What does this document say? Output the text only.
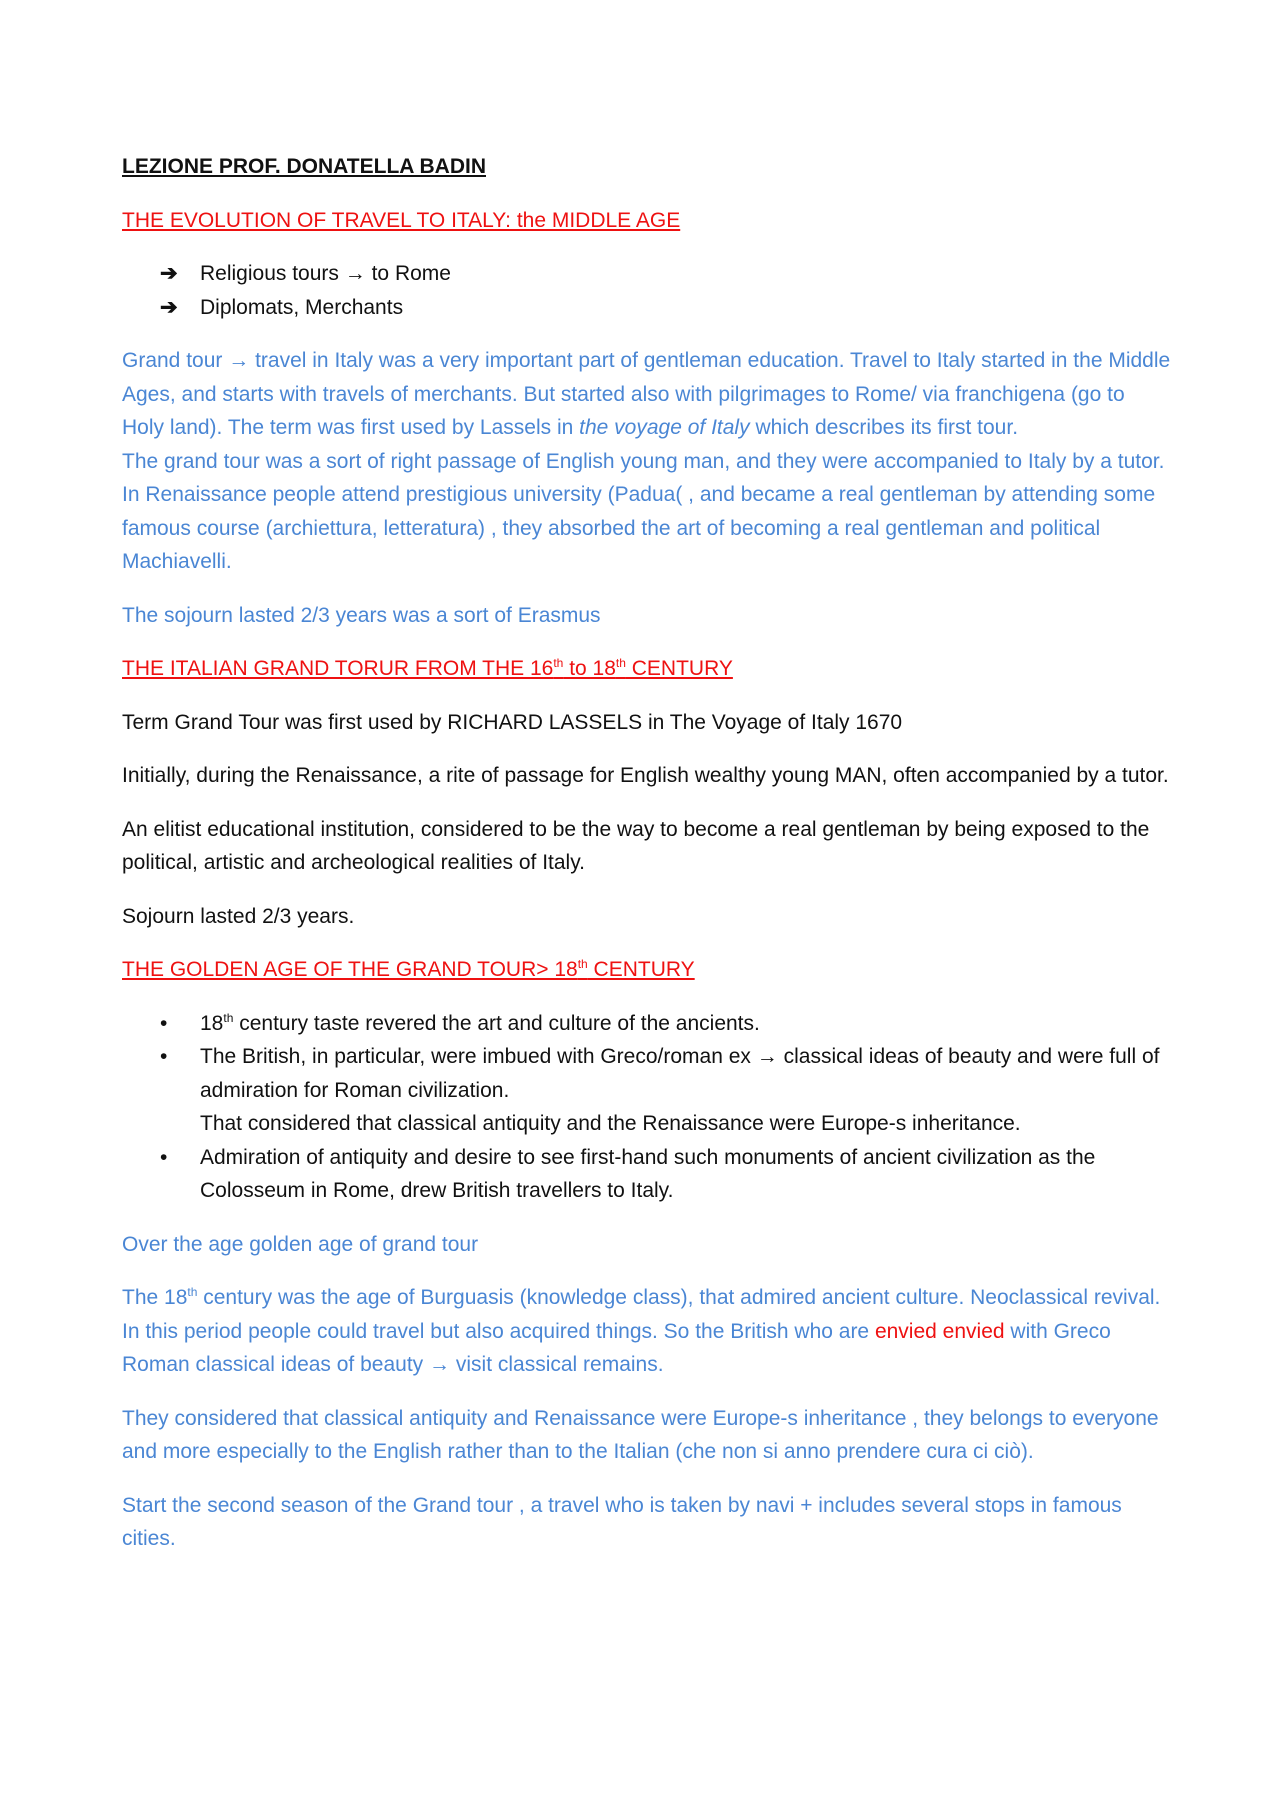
LEZIONE PROF. DONATELLA BADIN

THE EVOLUTION OF TRAVEL TO ITALY: the MIDDLE AGE

➔	Religious tours → to Rome
➔	Diplomats, Merchants

Grand tour → travel in Italy was a very important part of gentleman education. Travel to Italy started in the Middle Ages, and starts with travels of merchants. But started also with pilgrimages to Rome/ via franchigena (go to Holy land). The term was first used by Lassels in the voyage of Italy which describes its first tour.
The grand tour was a sort of right passage of English young man, and they were accompanied to Italy by a tutor. In Renaissance people attend prestigious university (Padua( , and became a real gentleman by attending some famous course (archiettura, letteratura) , they absorbed the art of becoming a real gentleman and political Machiavelli.

The sojourn lasted 2/3 years was a sort of Erasmus

THE ITALIAN GRAND TORUR FROM THE 16th to 18th CENTURY

Term Grand Tour was first used by RICHARD LASSELS in The Voyage of Italy 1670

Initially, during the Renaissance, a rite of passage for English wealthy young MAN, often accompanied by a tutor.

An elitist educational institution, considered to be the way to become a real gentleman by being exposed to the political, artistic and archeological realities of Italy.

Sojourn lasted 2/3 years.

THE GOLDEN AGE OF THE GRAND TOUR> 18th CENTURY

•	18th century taste revered the art and culture of the ancients.
•	The British, in particular, were imbued with Greco/roman ex → classical ideas of beauty and were full of admiration for Roman civilization.
That considered that classical antiquity and the Renaissance were Europe-s inheritance.
•	Admiration of antiquity and desire to see first-hand such monuments of ancient civilization as the Colosseum in Rome, drew British travellers to Italy.

Over the age golden age of grand tour

The 18th century was the age of Burguasis (knowledge class), that admired ancient culture. Neoclassical revival. In this period people could travel but also acquired things. So the British who are envied envied with Greco Roman classical ideas of beauty → visit classical remains.

They considered that classical antiquity and Renaissance were Europe-s inheritance , they belongs to everyone and more especially to the English rather than to the Italian (che non si anno prendere cura ci ciò).

Start the second season of the Grand tour , a travel who is taken by navi + includes several stops in famous cities.
